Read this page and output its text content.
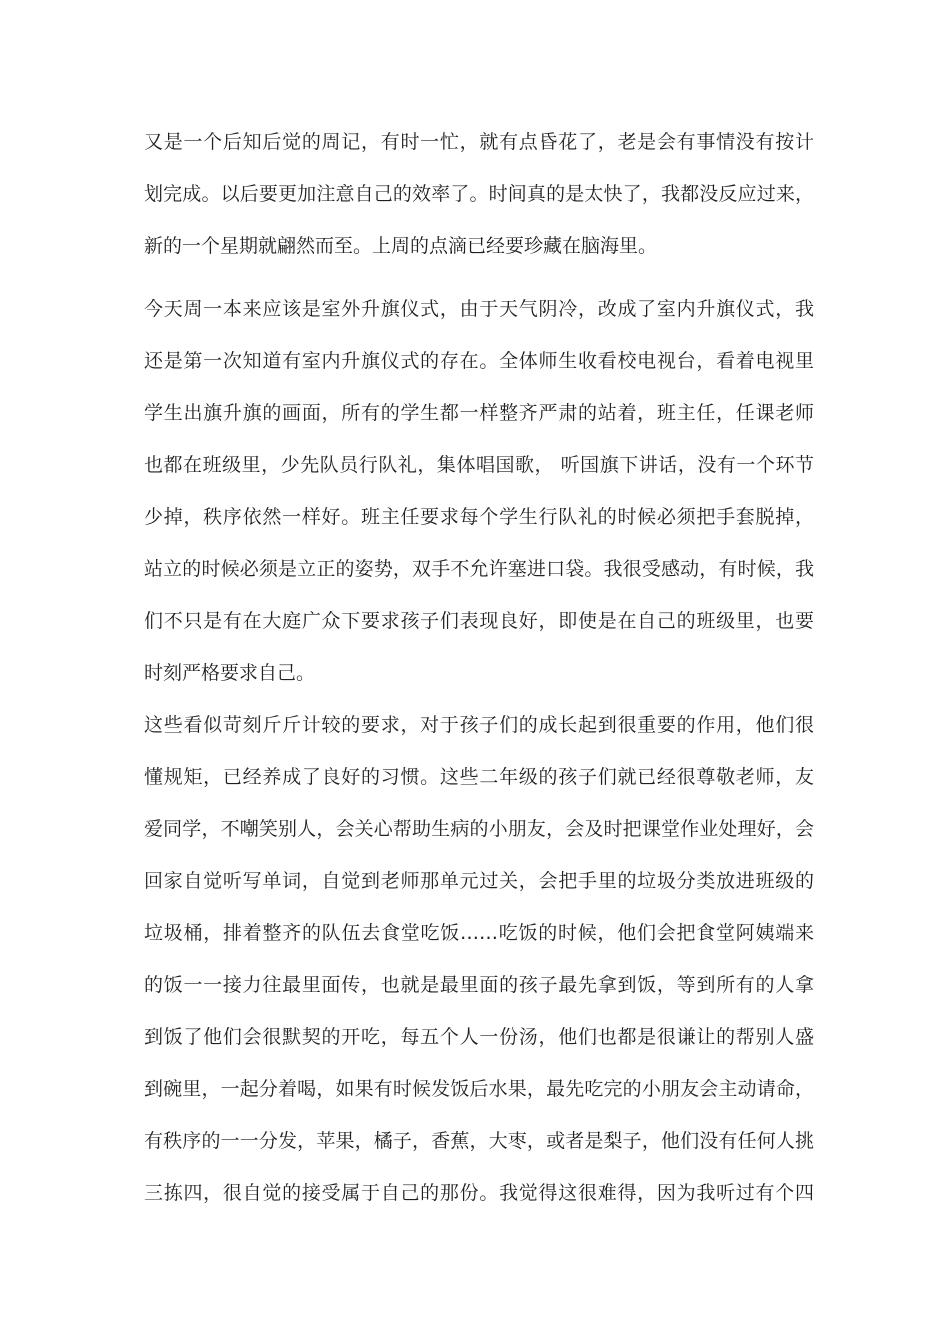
又是一个后知后觉的周记，有时一忙，就有点昏花了，老是会有事情没有按计
划完成。以后要更加注意自己的效率了。时间真的是太快了，我都没反应过来，
新的一个星期就翩然而至。上周的点滴已经要珍藏在脑海里。
今天周一本来应该是室外升旗仪式，由于天气阴冷，改成了室内升旗仪式，我
还是第一次知道有室内升旗仪式的存在。全体师生收看校电视台，看着电视里
学生出旗升旗的画面，所有的学生都一样整齐严肃的站着，班主任，任课老师
也都在班级里，少先队员行队礼，集体唱国歌， 听国旗下讲话，没有一个环节
少掉，秩序依然一样好。班主任要求每个学生行队礼的时候必须把手套脱掉，
站立的时候必须是立正的姿势，双手不允许塞进口袋。我很受感动，有时候，我
们不只是有在大庭广众下要求孩子们表现良好，即使是在自己的班级里，也要
时刻严格要求自己。
这些看似苛刻斤斤计较的要求，对于孩子们的成长起到很重要的作用，他们很
懂规矩，已经养成了良好的习惯。这些二年级的孩子们就已经很尊敬老师，友
爱同学，不嘲笑别人，会关心帮助生病的小朋友，会及时把课堂作业处理好，会
回家自觉听写单词，自觉到老师那单元过关，会把手里的垃圾分类放进班级的
垃圾桶，排着整齐的队伍去食堂吃饭……吃饭的时候，他们会把食堂阿姨端来
的饭一一接力往最里面传，也就是最里面的孩子最先拿到饭，等到所有的人拿
到饭了他们会很默契的开吃，每五个人一份汤，他们也都是很谦让的帮别人盛
到碗里，一起分着喝，如果有时候发饭后水果，最先吃完的小朋友会主动请命，
有秩序的一一分发，苹果，橘子，香蕉，大枣，或者是梨子，他们没有任何人挑
三拣四，很自觉的接受属于自己的那份。我觉得这很难得，因为我听过有个四
